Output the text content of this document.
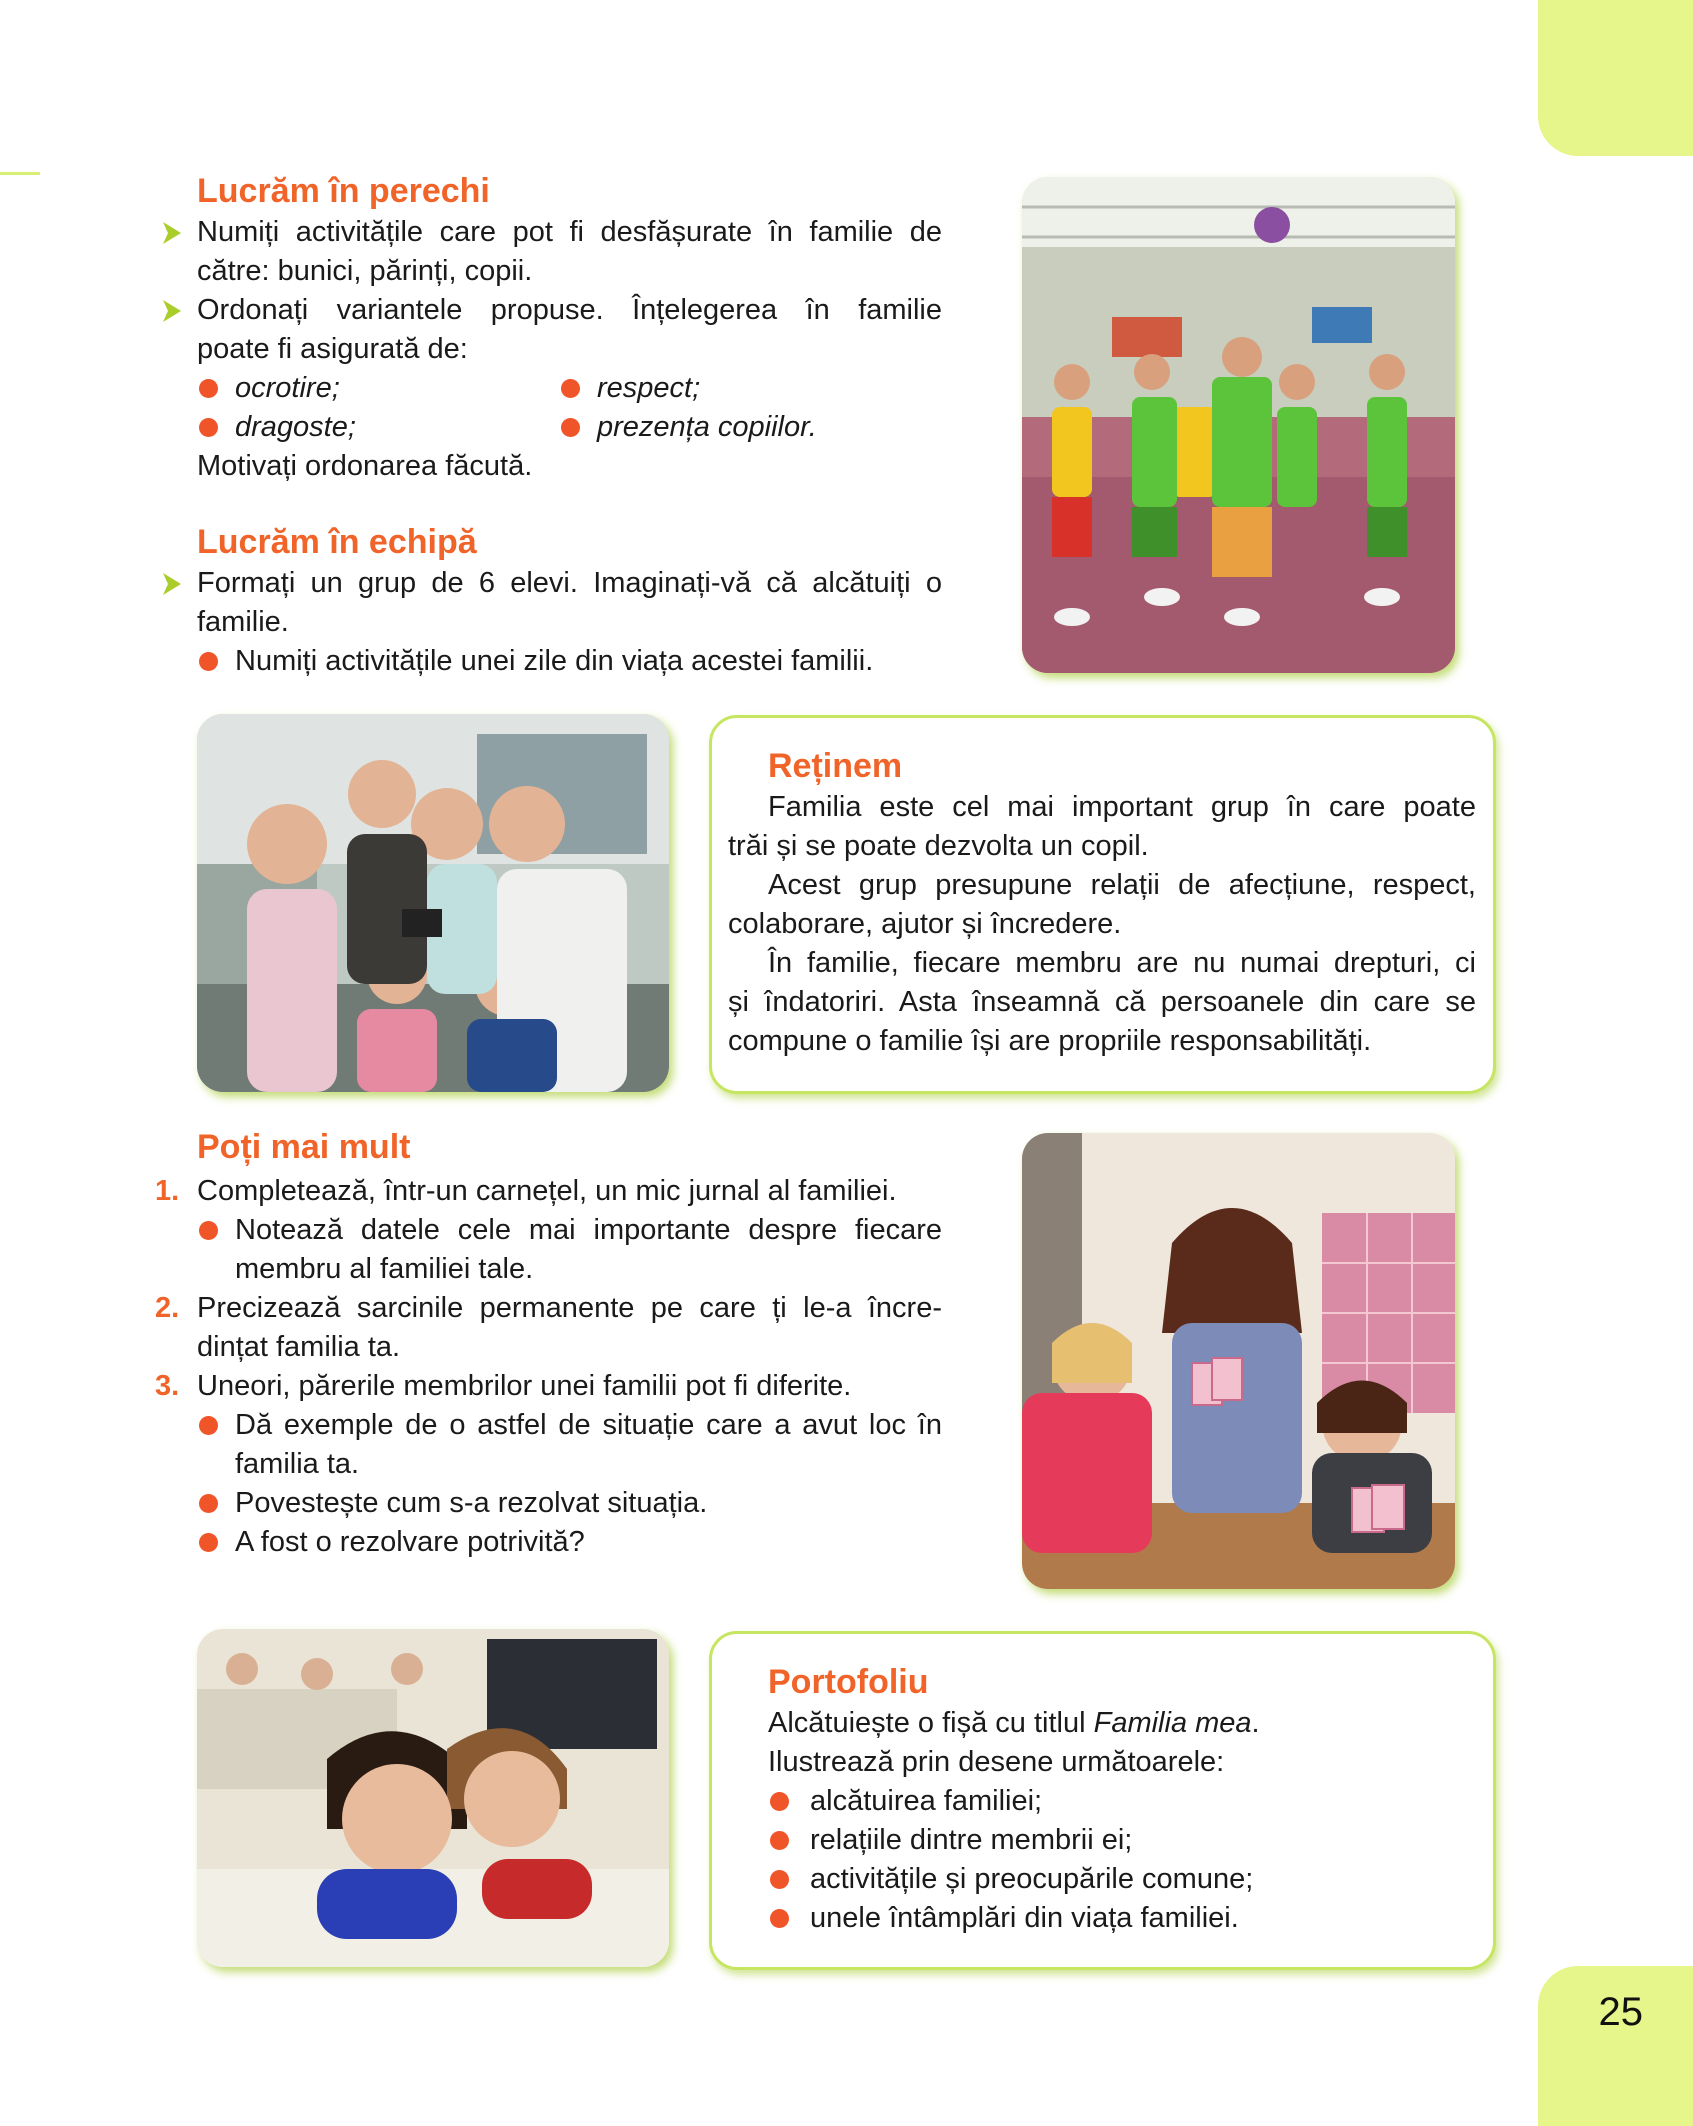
25
Lucrăm în perechi
Numiți activitățile care pot fi desfășurate în familie de
către: bunici, părinți, copii.
Ordonați variantele propuse. Înțelegerea în familie
poate fi asigurată de:
ocrotire;	respect;
dragoste;	prezența copiilor.
Motivați ordonarea făcută.
Lucrăm în echipă
Formați un grup de 6 elevi. Imaginați-vă că alcătuiți o
familie.
Numiți activitățile unei zile din viața acestei familii.
Reținem
Familia este cel mai important grup în care poate
trăi și se poate dezvolta un copil.
Acest grup presupune relații de afecțiune, respect,
colaborare, ajutor și încredere.
În familie, fiecare membru are nu numai drepturi, ci
și îndatoriri. Asta înseamnă că persoanele din care se
compune o familie își are propriile responsabilități.
Poți mai mult
1. Completează, într-un carnețel, un mic jurnal al familiei.
Notează datele cele mai importante despre fiecare
membru al familiei tale.
2. Precizează sarcinile permanente pe care ți le-a încre-
dințat familia ta.
3. Uneori, părerile membrilor unei familii pot fi diferite.
Dă exemple de o astfel de situație care a avut loc în
familia ta.
Povestește cum s-a rezolvat situația.
A fost o rezolvare potrivită?
Portofoliu
Alcătuiește o fișă cu titlul Familia mea.
Ilustrează prin desene următoarele:
alcătuirea familiei;
relațiile dintre membrii ei;
activitățile și preocupările comune;
unele întâmplări din viața familiei.
